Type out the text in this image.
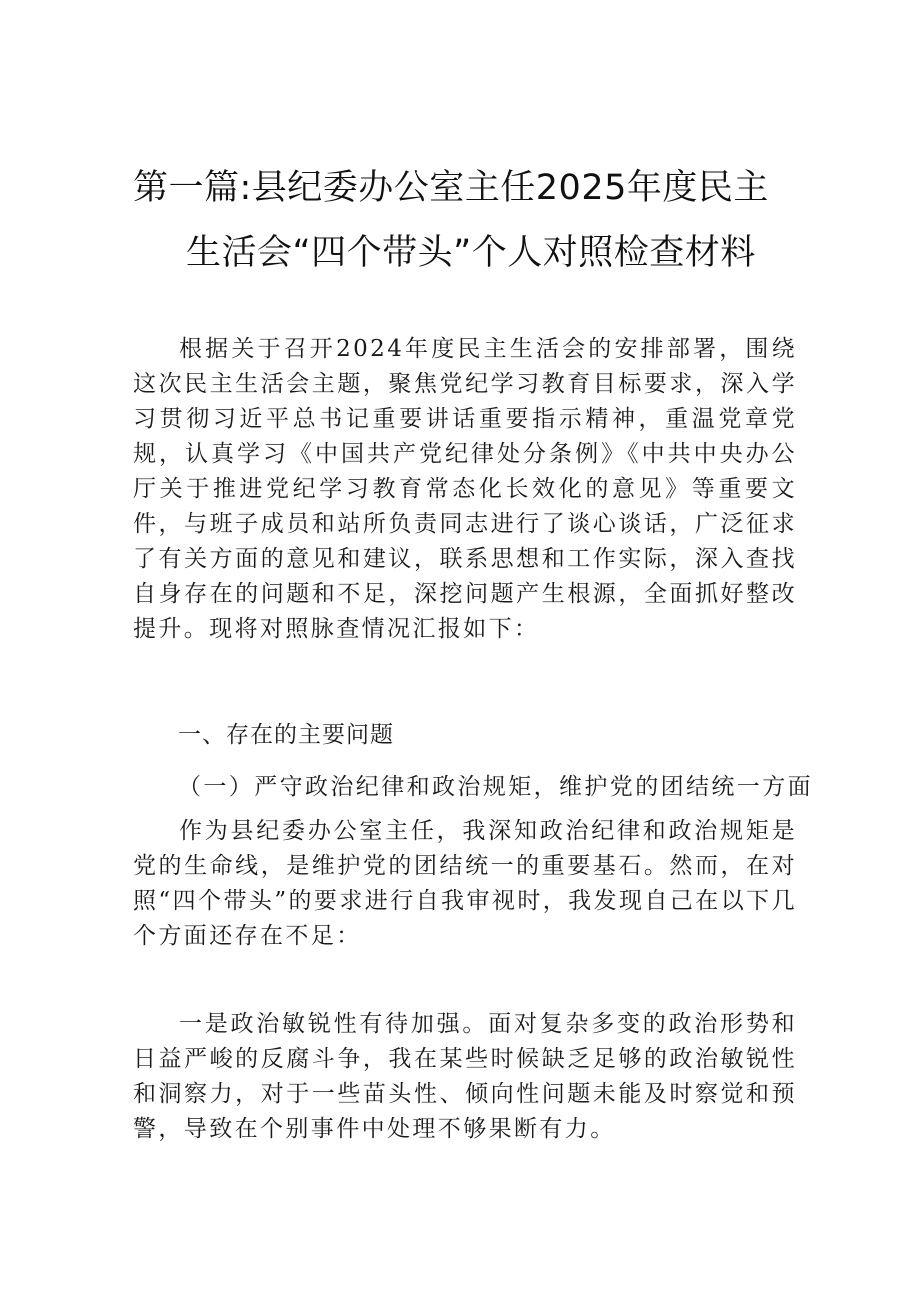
第一篇:县纪委办公室主任2025年度民主
生活会“四个带头”个人对照检查材料
根据关于召开2024年度民主生活会的安排部署，围绕这次民主生活会主题，聚焦党纪学习教育目标要求，深入学习贯彻习近平总书记重要讲话重要指示精神，重温党章党规，认真学习《中国共产党纪律处分条例》《中共中央办公厅关于推进党纪学习教育常态化长效化的意见》等重要文件，与班子成员和站所负责同志进行了谈心谈话，广泛征求了有关方面的意见和建议，联系思想和工作实际，深入查找自身存在的问题和不足，深挖问题产生根源，全面抓好整改提升。现将对照脉查情况汇报如下：
一、存在的主要问题
（一）严守政治纪律和政治规矩，维护党的团结统一方面
作为县纪委办公室主任，我深知政治纪律和政治规矩是党的生命线，是维护党的团结统一的重要基石。然而，在对照“四个带头”的要求进行自我审视时，我发现自己在以下几个方面还存在不足：
一是政治敏锐性有待加强。面对复杂多变的政治形势和日益严峻的反腐斗争，我在某些时候缺乏足够的政治敏锐性和洞察力，对于一些苗头性、倾向性问题未能及时察觉和预警，导致在个别事件中处理不够果断有力。
